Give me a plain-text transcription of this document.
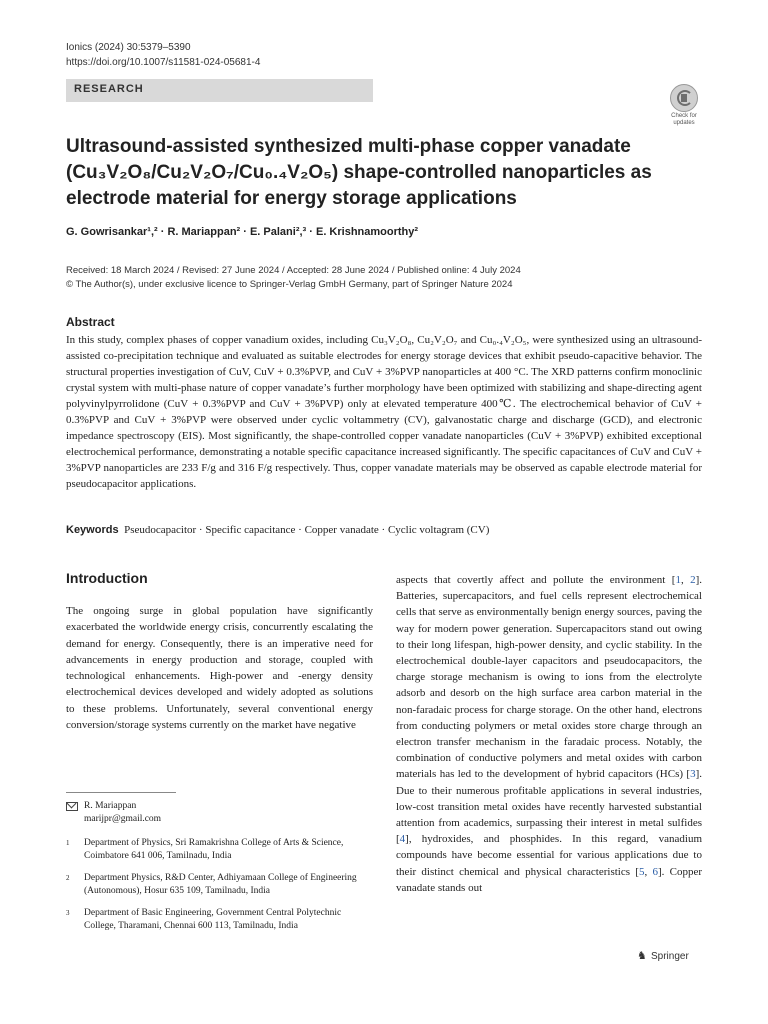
Ionics (2024) 30:5379–5390
https://doi.org/10.1007/s11581-024-05681-4
RESEARCH
Check for updates
Ultrasound-assisted synthesized multi-phase copper vanadate (Cu₃V₂O₈/Cu₂V₂O₇/Cu₀.₄V₂O₅) shape-controlled nanoparticles as electrode material for energy storage applications
G. Gowrisankar¹,² · R. Mariappan² · E. Palani²,³ · E. Krishnamoorthy²
Received: 18 March 2024 / Revised: 27 June 2024 / Accepted: 28 June 2024 / Published online: 4 July 2024
© The Author(s), under exclusive licence to Springer-Verlag GmbH Germany, part of Springer Nature 2024
Abstract

In this study, complex phases of copper vanadium oxides, including Cu₃V₂O₈, Cu₂V₂O₇ and Cu₀.₄V₂O₅, were synthesized using an ultrasound-assisted co-precipitation technique and evaluated as suitable electrodes for energy storage devices that exhibit pseudo-capacitive behavior. The structural properties investigation of CuV, CuV + 0.3%PVP, and CuV + 3%PVP nanoparticles at 400 °C. The XRD patterns confirm monoclinic crystal system with multi-phase nature of copper vanadate’s further morphology have been optimized with stabilizing and shape-directing agent polyvinylpyrrolidone (CuV + 0.3%PVP and CuV + 3%PVP) only at elevated temperature 400℃. The electrochemical behavior of CuV + 0.3%PVP and CuV + 3%PVP were observed under cyclic voltammetry (CV), galvanostatic charge and discharge (GCD), and electronic impedance spectroscopy (EIS). Most significantly, the shape-controlled copper vanadate nanoparticles (CuV + 3%PVP) exhibited exceptional electrochemical performance, demonstrating a notable specific capacitance increased significantly. The specific capacitances of CuV and CuV + 3%PVP nanoparticles are 233 F/g and 316 F/g respectively. Thus, copper vanadate materials may be observed as capable electrode material for pseudocapacitor applications.

Keywords Pseudocapacitor · Specific capacitance · Copper vanadate · Cyclic voltagram (CV)
Introduction

The ongoing surge in global population have significantly exacerbated the worldwide energy crisis, concurrently escalating the demand for energy. Consequently, there is an imperative need for advancements in energy production and storage, coupled with technological enhancements. High-power and -energy density electrochemical devices developed and widely adopted as solutions to these problems. Unfortunately, several conventional energy conversion/storage systems currently on the market have negative

aspects that covertly affect and pollute the environment [1, 2]. Batteries, supercapacitors, and fuel cells represent electrochemical cells that serve as environmentally benign energy sources, paving the way for modern power generation. Supercapacitors stand out owing to their long lifespan, high-power density, and cyclic stability. In the electrochemical double-layer capacitors and pseudocapacitors, the charge storage mechanism is owing to ions from the electrolyte adsorb and desorb on the high surface area carbon material in the non-faradaic process for charge storage. On the other hand, electrons from conducting polymers or metal oxides store charge through an electron transfer mechanism in the faradaic process. Notably, the combination of conductive polymers and metal oxides with carbon materials has led to the development of hybrid capacitors (HCs) [3]. Due to their numerous profitable applications in several industries, low-cost transition metal oxides have recently harvested substantial attention from academics, surpassing their interest in metal sulfides [4], hydroxides, and phosphides. In this regard, vanadium compounds have become essential for various applications due to their distinct chemical and physical characteristics [5, 6]. Copper vanadate stands out

R. Mariappan
marijpr@gmail.com
1	Department of Physics, Sri Ramakrishna College of Arts & Science, Coimbatore 641 006, Tamilnadu, India
2	Department Physics, R&D Center, Adhiyamaan College of Engineering (Autonomous), Hosur 635 109, Tamilnadu, India
3	Department of Basic Engineering, Government Central Polytechnic College, Tharamani, Chennai 600 113, Tamilnadu, India
♞
Springer
